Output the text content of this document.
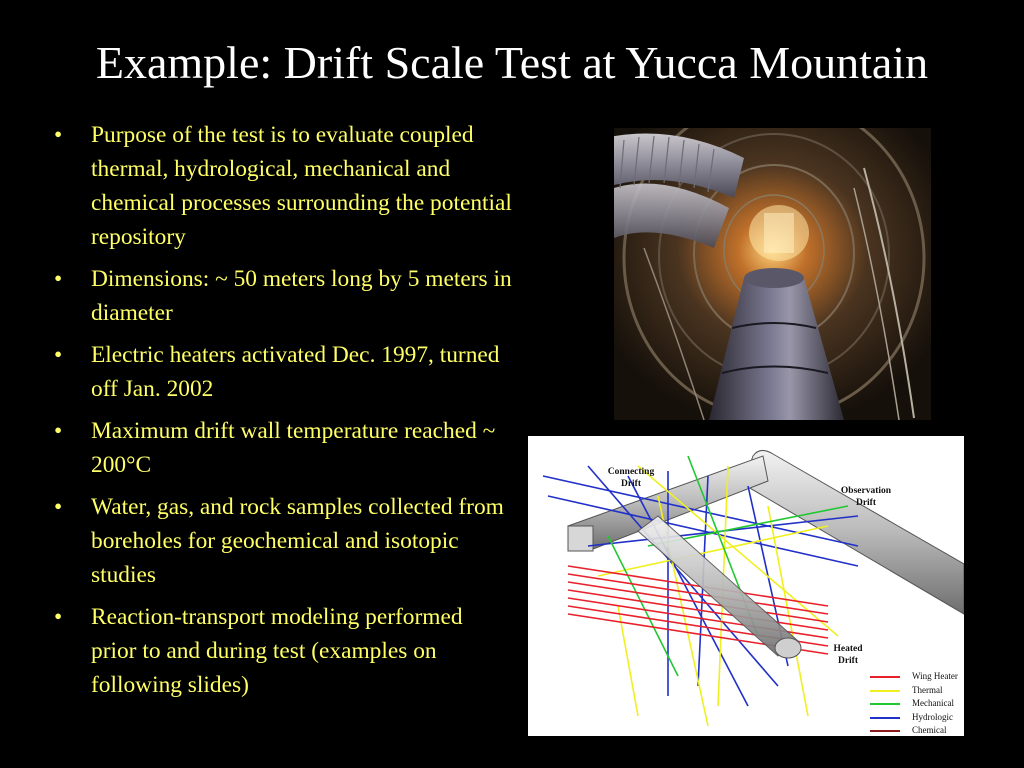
Example: Drift Scale Test at Yucca Mountain
• Purpose of the test is to evaluate coupled thermal, hydrological, mechanical and chemical processes surrounding the potential repository
• Dimensions: ~ 50 meters long by 5 meters in diameter
• Electric heaters activated Dec. 1997, turned off Jan. 2002
• Maximum drift wall temperature reached ~ 200°C
• Water, gas, and rock samples collected from boreholes for geochemical and isotopic studies
• Reaction-transport modeling performed prior to and during test (examples on following slides)
Connecting Drift
Observation Drift
Heated Drift
Wing Heater
Thermal
Mechanical
Hydrologic
Chemical
